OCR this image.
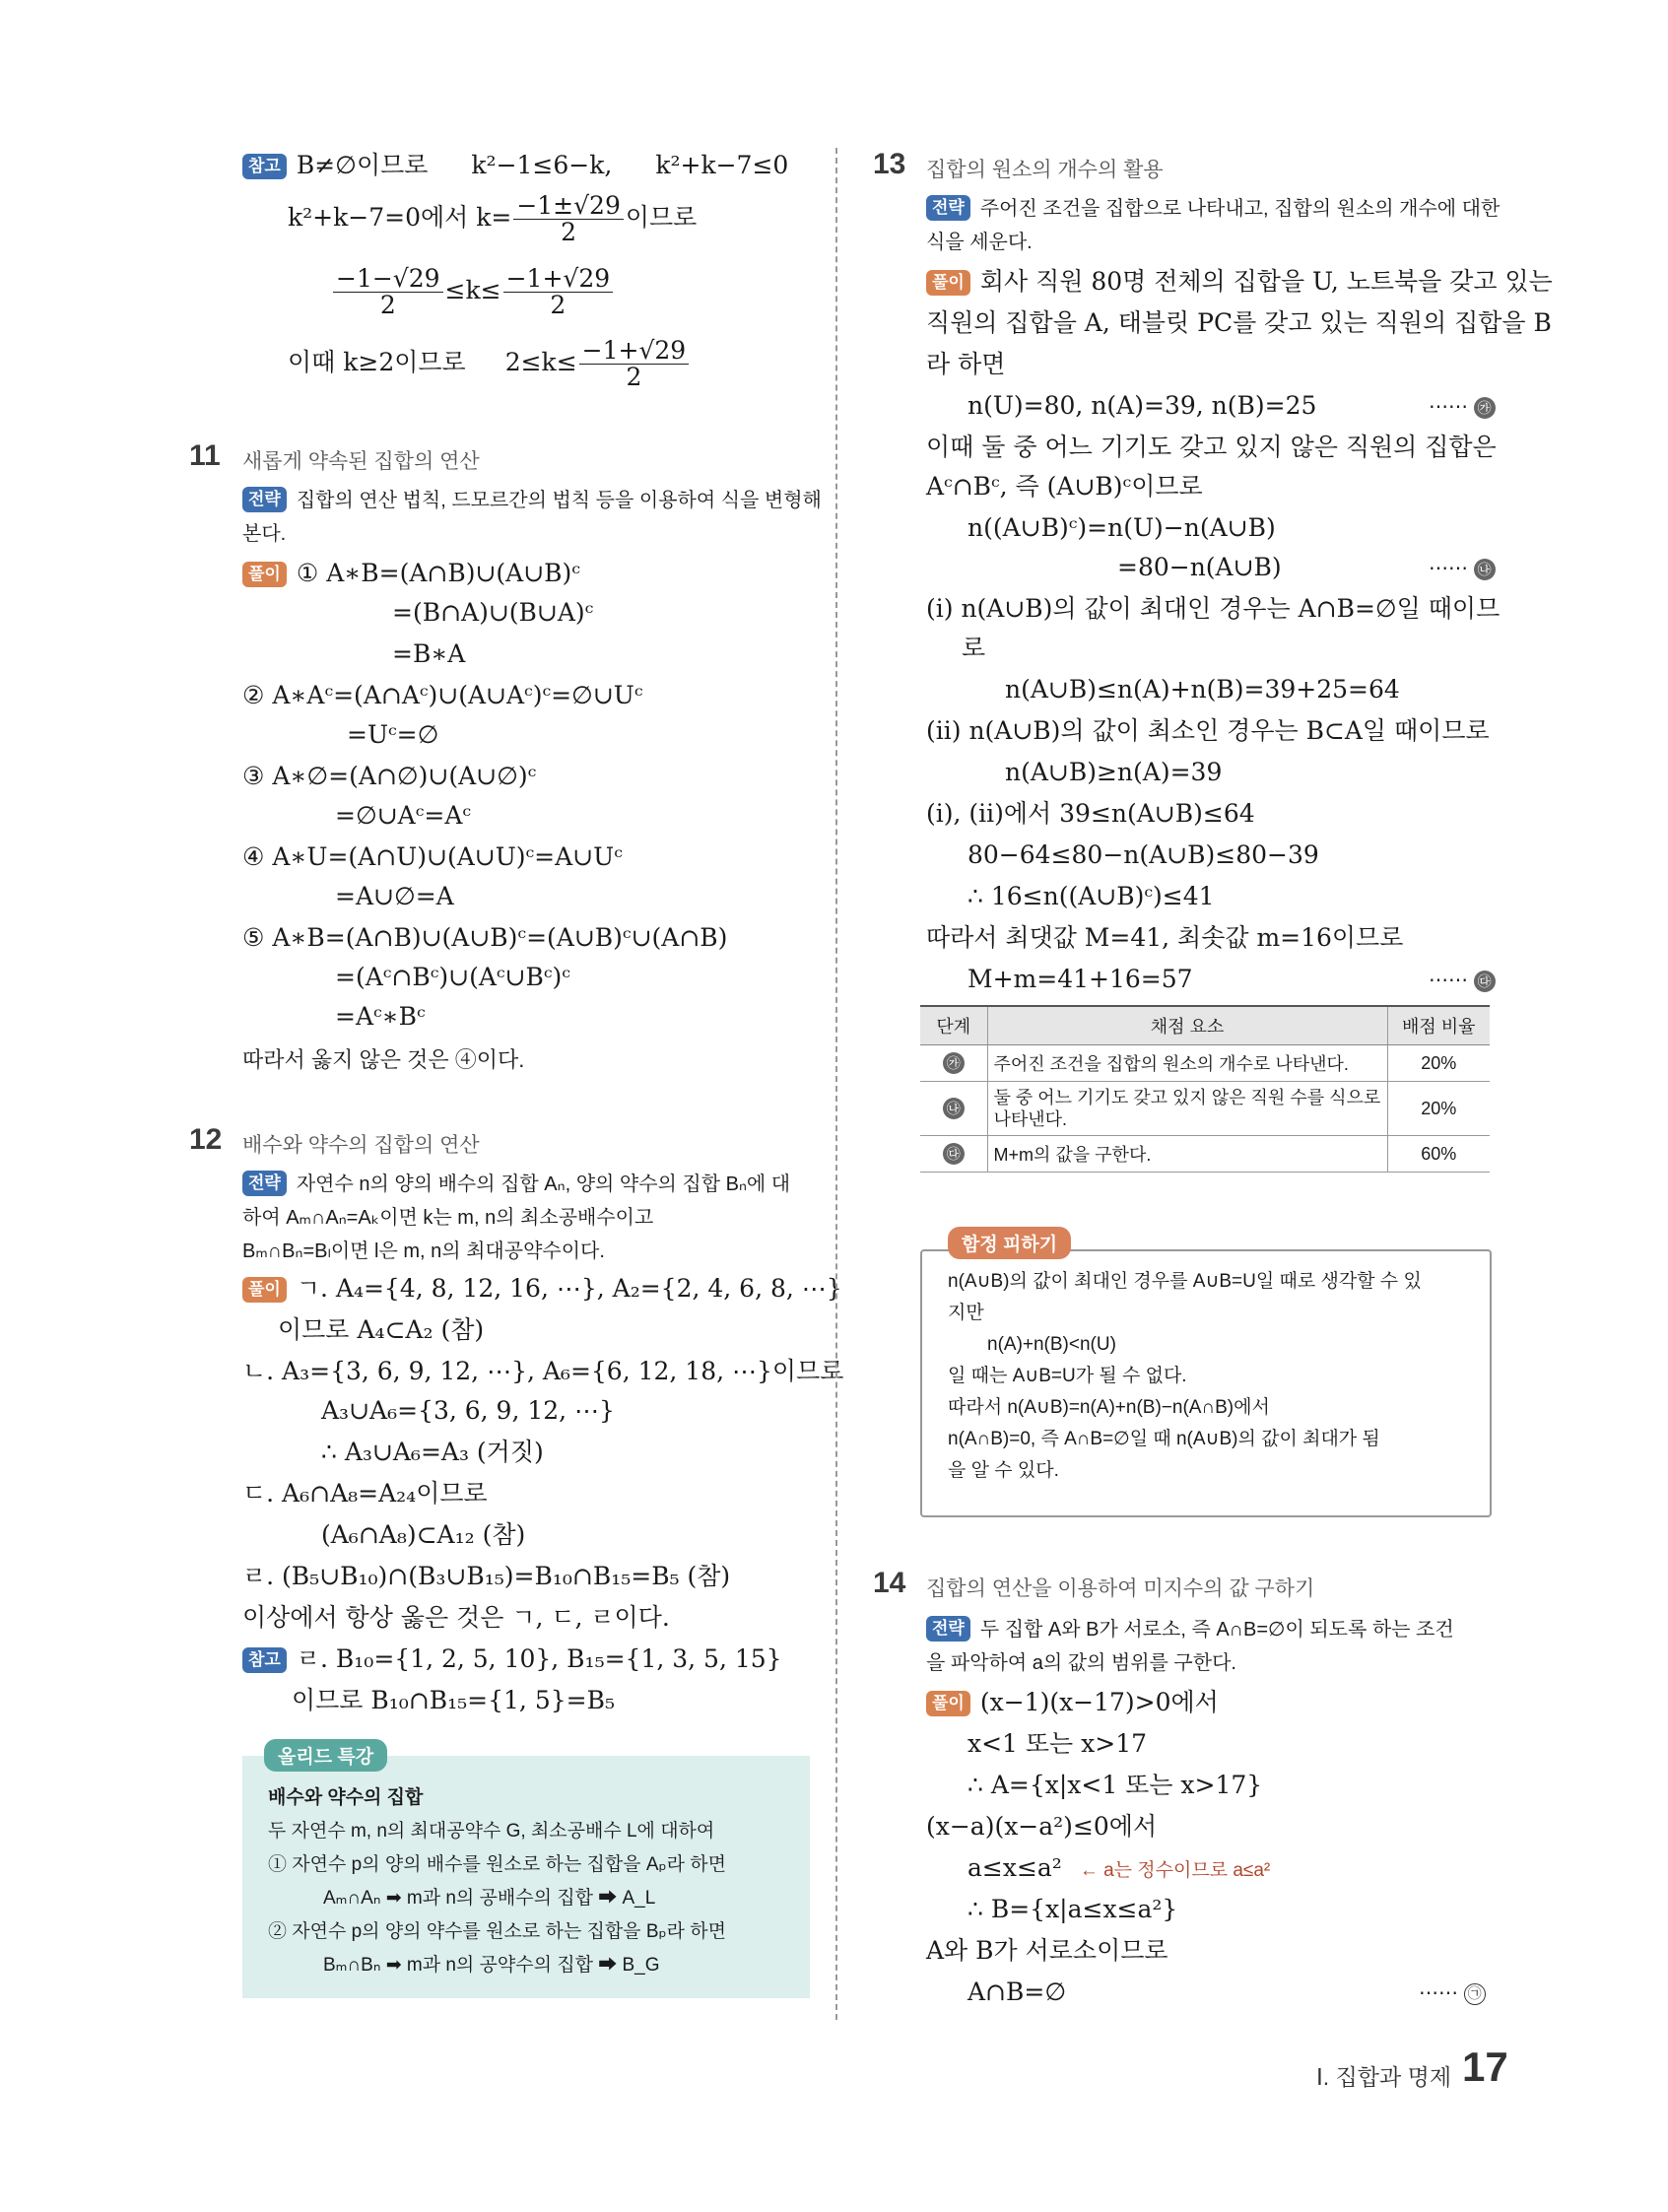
참고 B≠∅이므로 k²−1≤6−k, k²+k−7≤0
k²+k−7=0에서 $k= \frac{-1\pm√29}{2}$ 이므로
$\frac{-1-√29}{2} \le k\le \frac{-1+√29}{2}$
이때 k≥2이므로 $2\le k\le \frac{-1+√29}{2}$
11 새롭게 약속된 집합의 연산
전략 집합의 연산 법칙, 드모르간의 법칙 등을 이용하여 식을 변형해
본다.
풀이 ① A∗B=(A∩B)∪(A∪B)ᶜ
=(B∩A)∪(B∪A)ᶜ
=B∗A
② A∗Aᶜ=(A∩Aᶜ)∪(A∪Aᶜ)ᶜ=∅∪Uᶜ
=Uᶜ=∅
③ A∗∅=(A∩∅)∪(A∪∅)ᶜ
=∅∪Aᶜ=Aᶜ
④ A∗U=(A∩U)∪(A∪U)ᶜ=A∪Uᶜ
=A∪∅=A
⑤ A∗B=(A∩B)∪(A∪B)ᶜ=(A∪B)ᶜ∪(A∩B)
=(Aᶜ∩Bᶜ)∪(Aᶜ∪Bᶜ)ᶜ
=Aᶜ∗Bᶜ
따라서 옳지 않은 것은 ④이다.
12 배수와 약수의 집합의 연산
전략 자연수 n의 양의 배수의 집합 Aₙ, 양의 약수의 집합 Bₙ에 대
하여 Aₘ∩Aₙ=Aₖ이면 k는 m, n의 최소공배수이고
Bₘ∩Bₙ=Bₗ이면 l은 m, n의 최대공약수이다.
풀이 ㄱ. A₄={4, 8, 12, 16, ⋯}, A₂={2, 4, 6, 8, ⋯}
이므로 A₄⊂A₂ (참)
ㄴ. A₃={3, 6, 9, 12, ⋯}, A₆={6, 12, 18, ⋯}이므로
A₃∪A₆={3, 6, 9, 12, ⋯}
∴ A₃∪A₆=A₃ (거짓)
ㄷ. A₆∩A₈=A₂₄이므로
(A₆∩A₈)⊂A₁₂ (참)
ㄹ. (B₅∪B₁₀)∩(B₃∪B₁₅)=B₁₀∩B₁₅=B₅ (참)
이상에서 항상 옳은 것은 ㄱ, ㄷ, ㄹ이다.
참고 ㄹ. B₁₀={1, 2, 5, 10}, B₁₅={1, 3, 5, 15}
이므로 B₁₀∩B₁₅={1, 5}=B₅
올리드 특강
배수와 약수의 집합
두 자연수 m, n의 최대공약수 G, 최소공배수 L에 대하여
① 자연수 p의 양의 배수를 원소로 하는 집합을 Aₚ라 하면
Aₘ∩Aₙ ➡ m과 n의 공배수의 집합 ➡ A_L
② 자연수 p의 양의 약수를 원소로 하는 집합을 Bₚ라 하면
Bₘ∩Bₙ ➡ m과 n의 공약수의 집합 ➡ B_G
13 집합의 원소의 개수의 활용
전략 주어진 조건을 집합으로 나타내고, 집합의 원소의 개수에 대한
식을 세운다.
풀이 회사 직원 80명 전체의 집합을 U, 노트북을 갖고 있는
직원의 집합을 A, 태블릿 PC를 갖고 있는 직원의 집합을 B
라 하면
n(U)=80, n(A)=39, n(B)=25	⋯⋯ ㉮
이때 둘 중 어느 기기도 갖고 있지 않은 직원의 집합은
Aᶜ∩Bᶜ, 즉 (A∪B)ᶜ이므로
n((A∪B)ᶜ)=n(U)−n(A∪B)
=80−n(A∪B)	⋯⋯ ㉯
(i) n(A∪B)의 값이 최대인 경우는 A∩B=∅일 때이므
로
n(A∪B)≤n(A)+n(B)=39+25=64
(ii) n(A∪B)의 값이 최소인 경우는 B⊂A일 때이므로
n(A∪B)≥n(A)=39
(i), (ii)에서 39≤n(A∪B)≤64
80−64≤80−n(A∪B)≤80−39
∴ 16≤n((A∪B)ᶜ)≤41
따라서 최댓값 M=41, 최솟값 m=16이므로
M+m=41+16=57	⋯⋯ ㉰
단계	채점 요소	배점 비율
㉮	주어진 조건을 집합의 원소의 개수로 나타낸다.	20%
㉯	둘 중 어느 기기도 갖고 있지 않은 직원 수를 식으로 나타낸다.	20%
㉰	M+m의 값을 구한다.	60%
함정 피하기
n(A∪B)의 값이 최대인 경우를 A∪B=U일 때로 생각할 수 있
지만
n(A)+n(B)<n(U)
일 때는 A∪B=U가 될 수 없다.
따라서 n(A∪B)=n(A)+n(B)−n(A∩B)에서
n(A∩B)=0, 즉 A∩B=∅일 때 n(A∪B)의 값이 최대가 됨
을 알 수 있다.
14 집합의 연산을 이용하여 미지수의 값 구하기
전략 두 집합 A와 B가 서로소, 즉 A∩B=∅이 되도록 하는 조건
을 파악하여 a의 값의 범위를 구한다.
풀이 (x−1)(x−17)>0에서
x<1 또는 x>17
∴ A={x|x<1 또는 x>17}
(x−a)(x−a²)≤0에서
a≤x≤a² ← a는 정수이므로 a≤a²
∴ B={x|a≤x≤a²}
A와 B가 서로소이므로
A∩B=∅	⋯⋯ ㉠
Ⅰ. 집합과 명제 17
